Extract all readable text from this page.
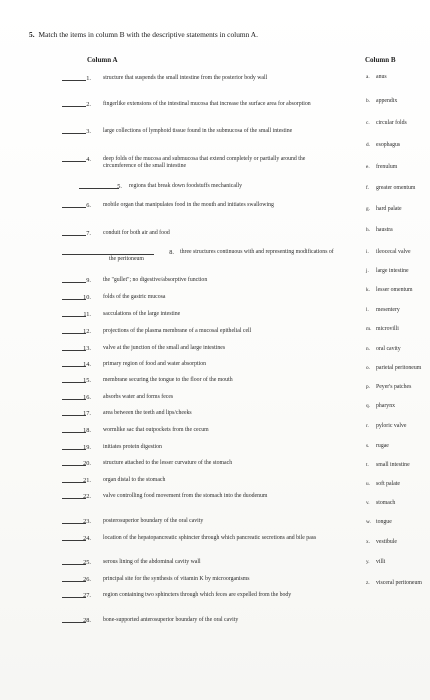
5. Match the items in column B with the descriptive statements in column A.
Column A	Column B
1. structure that suspends the small intestine from the posterior body wall
2. fingerlike extensions of the intestinal mucosa that increase the surface area for absorption
3. large collections of lymphoid tissue found in the submucosa of the small intestine
4. deep folds of the mucosa and submucosa that extend completely or partially around the circumference of the small intestine
5. regions that break down foodstuffs mechanically
6. mobile organ that manipulates food in the mouth and initiates swallowing
7. conduit for both air and food
8.	three structures continuous with and representing modifications of the peritoneum
9. the "gullet"; no digestive/absorptive function
10. folds of the gastric mucosa
11. sacculations of the large intestine
12. projections of the plasma membrane of a mucosal epithelial cell
13. valve at the junction of the small and large intestines
14. primary region of food and water absorption
15. membrane securing the tongue to the floor of the mouth
16. absorbs water and forms feces
17. area between the teeth and lips/cheeks
18. wormlike sac that outpockets from the cecum
19. initiates protein digestion
20. structure attached to the lesser curvature of the stomach
21. organ distal to the stomach
22. valve controlling food movement from the stomach into the duodenum
23. posterosuperior boundary of the oral cavity
24. location of the hepatopancreatic sphincter through which pancreatic secretions and bile pass
25. serous lining of the abdominal cavity wall
26. principal site for the synthesis of vitamin K by microorganisms
27. region containing two sphincters through which feces are expelled from the body
28. bone-supported anterosuperior boundary of the oral cavity
a. anus
b. appendix
c. circular folds
d. esophagus
e. frenulum
f. greater omentum
g. hard palate
h. haustra
i. ileocecal valve
j. large intestine
k. lesser omentum
l. mesentery
m. microvilli
n. oral cavity
o. parietal peritoneum
p. Peyer's patches
q. pharynx
r. pyloric valve
s. rugae
t. small intestine
u. soft palate
v. stomach
w. tongue
x. vestibule
y. villi
z. visceral peritoneum
